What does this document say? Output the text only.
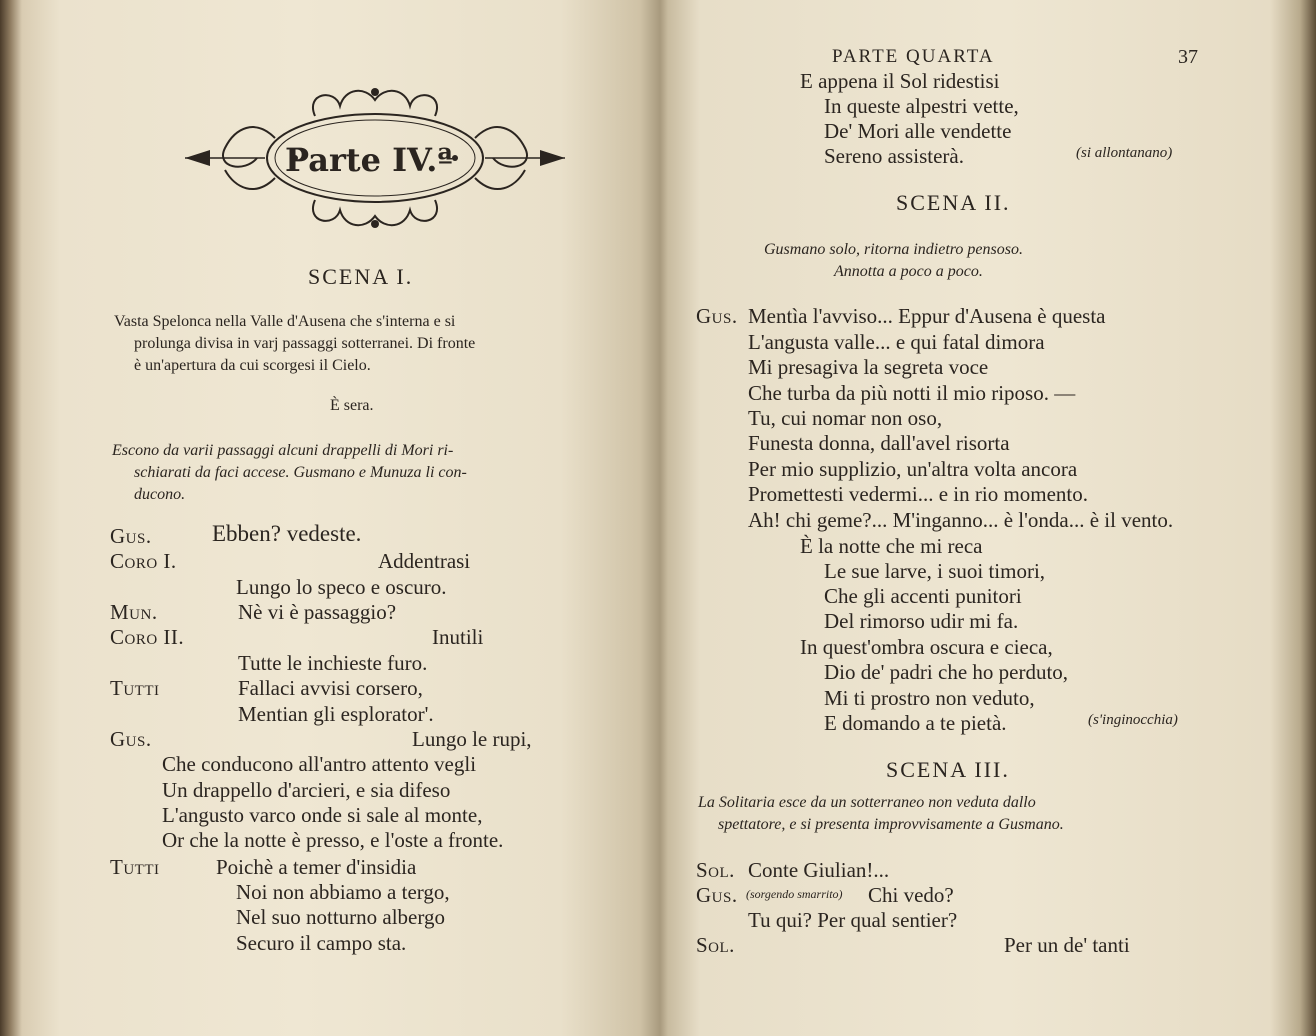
Parte IV.ª
SCENA I.
Vasta Spelonca nella Valle d'Ausena che s'interna e si
prolunga divisa in varj passaggi sotterranei. Di fronte
è un'apertura da cui scorgesi il Cielo.
È sera.
Escono da varii passaggi alcuni drappelli di Mori ri-
schiarati da faci accese. Gusmano e Munuza li con-
ducono.
Gus.	Ebben? vedeste.
Coro I.	Addentrasi
Lungo lo speco e oscuro.
Mun.	Nè vi è passaggio?
Coro II.	Inutili
Tutte le inchieste furo.
Tutti	Fallaci avvisi corsero,
Mentian gli esplorator'.
Gus.	Lungo le rupi,
Che conducono all'antro attento vegli
Un drappello d'arcieri, e sia difeso
L'angusto varco onde si sale al monte,
Or che la notte è presso, e l'oste a fronte.
Tutti	Poichè a temer d'insidia
Noi non abbiamo a tergo,
Nel suo notturno albergo
Securo il campo sta.
PARTE QUARTA	37
E appena il Sol ridestisi
In queste alpestri vette,
De' Mori alle vendette
Sereno assisterà.	(si allontanano)
SCENA II.
Gusmano solo, ritorna indietro pensoso.
Annotta a poco a poco.
Gus. Mentìa l'avviso... Eppur d'Ausena è questa
L'angusta valle... e qui fatal dimora
Mi presagiva la segreta voce
Che turba da più notti il mio riposo. —
Tu, cui nomar non oso,
Funesta donna, dall'avel risorta
Per mio supplizio, un'altra volta ancora
Promettesti vedermi... e in rio momento.
Ah! chi geme?... M'inganno... è l'onda... è il vento.
È la notte che mi reca
Le sue larve, i suoi timori,
Che gli accenti punitori
Del rimorso udir mi fa.
In quest'ombra oscura e cieca,
Dio de' padri che ho perduto,
Mi ti prostro non veduto,
E domando a te pietà.	(s'inginocchia)
SCENA III.
La Solitaria esce da un sotterraneo non veduta dallo
spettatore, e si presenta improvvisamente a Gusmano.
Sol. Conte Giulian!...
Gus. (sorgendo smarrito) Chi vedo?
Tu qui? Per qual sentier?
Sol.	Per un de' tanti
